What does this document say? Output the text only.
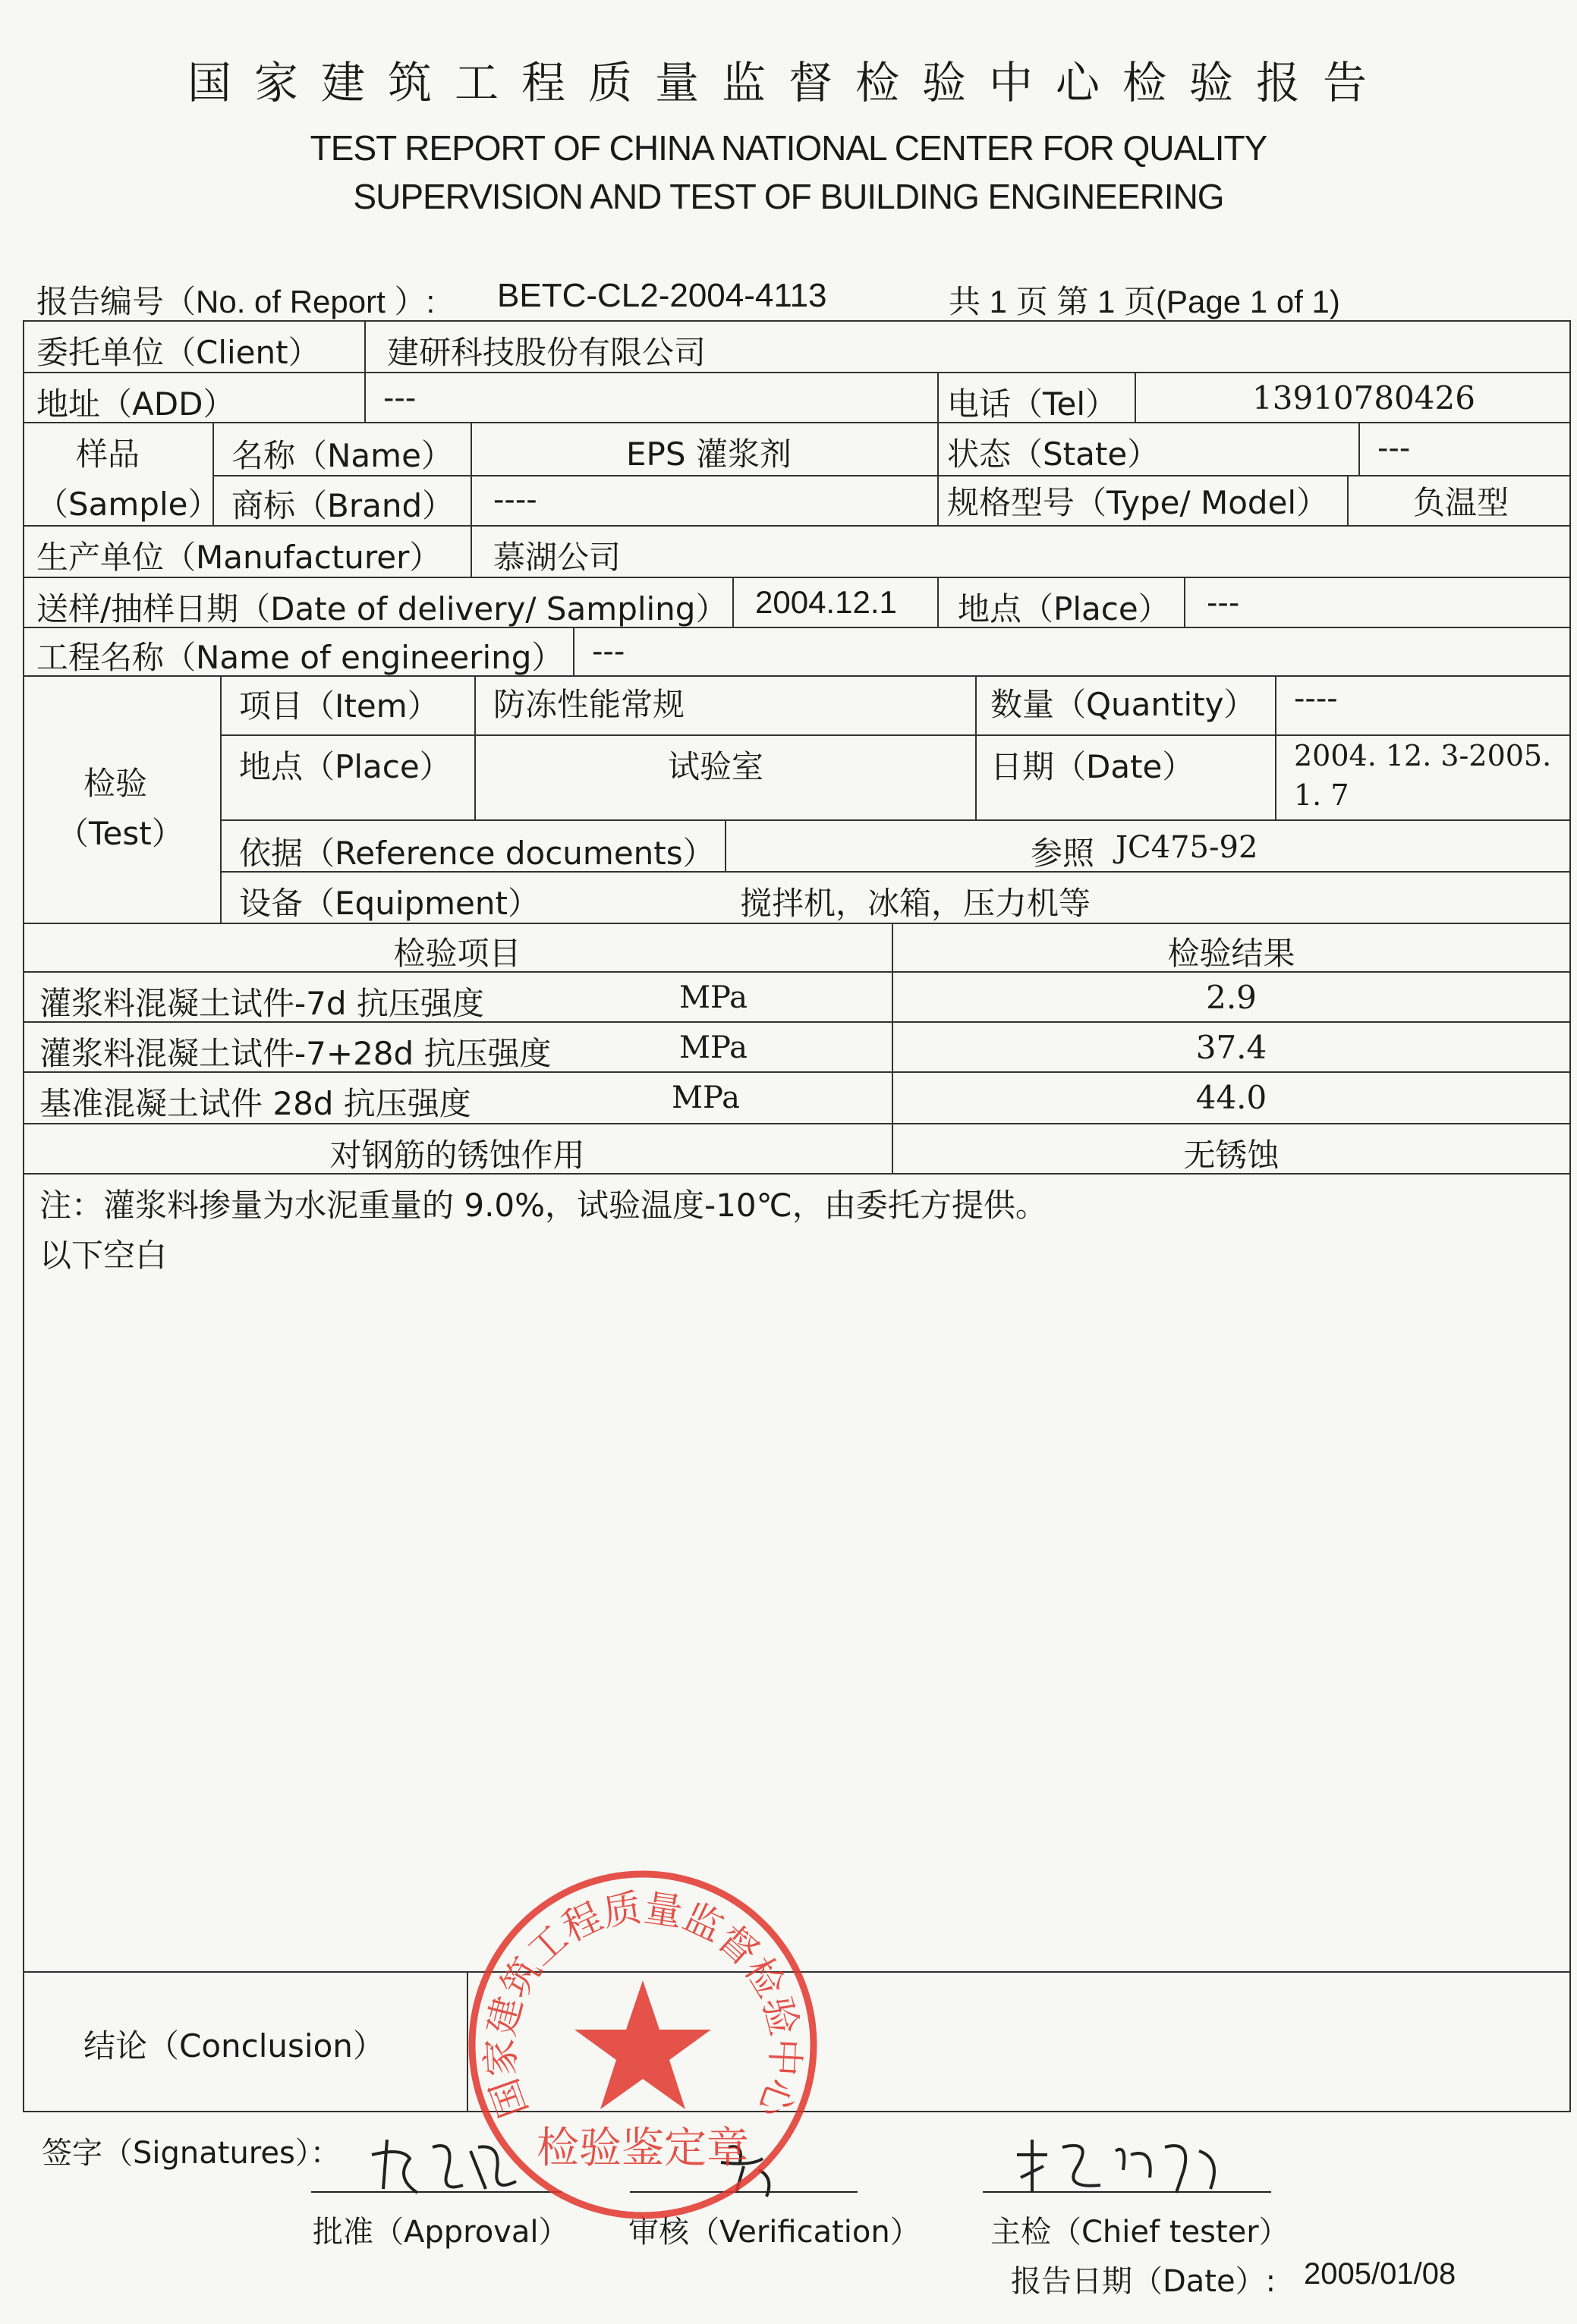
国家建筑工程质量监督检验中心检验报告
TEST REPORT OF CHINA NATIONAL CENTER FOR QUALITY
SUPERVISION AND TEST OF BUILDING ENGINEERING
报告编号（No. of Report ）: BETC-CL2-2004-4113	共 1 页 第 1 页(Page 1 of 1)
委托单位（Client） 建研科技股份有限公司
地址（ADD）	---	电话（Tel）	13910780426
样品
（Sample）
名称（Name）	EPS 灌浆剂	状态（State）	---
商标（Brand） ----	规格型号（Type/ Model）	负温型
生产单位（Manufacturer） 慕湖公司
送样/抽样日期（Date of delivery/ Sampling） 2004.12.1 地点（Place） ---
工程名称（Name of engineering） ---
检验
（Test）
项目（Item） 防冻性能常规	数量（Quantity） ----
地点（Place）	试验室	日期（Date）	2004. 12. 3-2005.
1. 7
依据（Reference documents）	参照 JC475-92
设备（Equipment）	搅拌机，冰箱，压力机等
检验项目	检验结果
灌浆料混凝土试件-7d 抗压强度	MPa	2.9
灌浆料混凝土试件-7+28d 抗压强度	MPa	37.4
基准混凝土试件 28d 抗压强度	MPa	44.0
对钢筋的锈蚀作用	无锈蚀
注：灌浆料掺量为水泥重量的 9.0%，试验温度-10℃，由委托方提供。
以下空白
结论（Conclusion）
签字（Signatures）：
批准（Approval） 审核（Verification） 主检（Chief tester）
报告日期（Date）: 2005/01/08
国家建筑工程质量监督检验中心
检验鉴定章
